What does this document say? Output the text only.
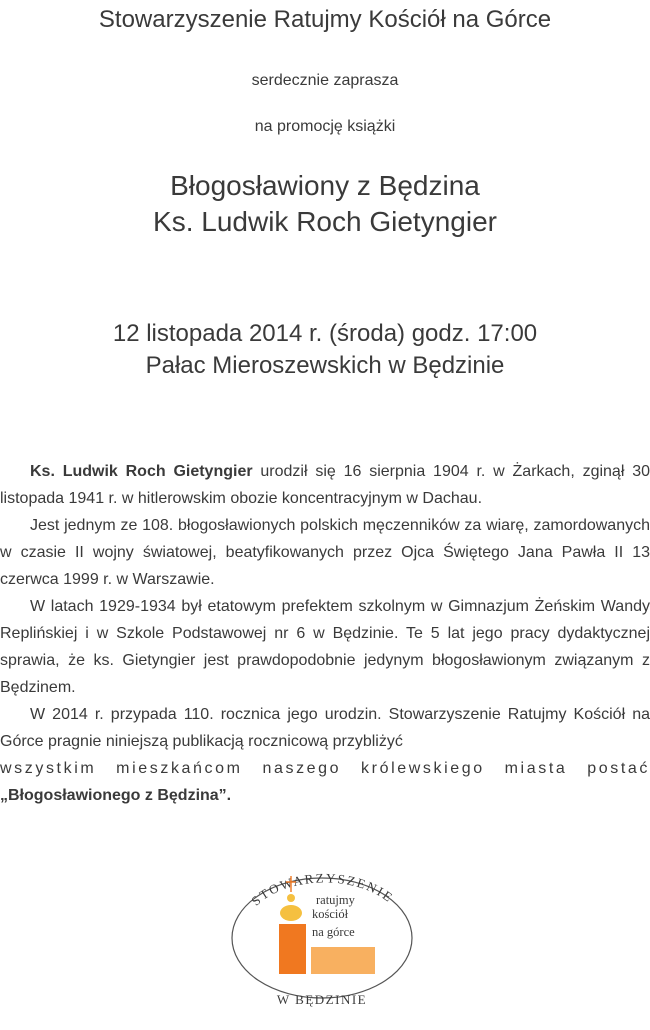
Stowarzyszenie Ratujmy Kościół na Górce
serdecznie zaprasza
na promocję książki
Błogosławiony z Będzina
Ks. Ludwik Roch Gietyngier
12 listopada 2014 r. (środa) godz. 17:00
Pałac Mieroszewskich w Będzinie

Ks. Ludwik Roch Gietyngier urodził się 16 sierpnia 1904 r. w Żarkach, zginął 30 listopada 1941 r. w hitlerowskim obozie koncentracyjnym w Dachau.

Jest jednym ze 108. błogosławionych polskich męczenników za wiarę, zamordowanych w czasie II wojny światowej, beatyfikowanych przez Ojca Świętego Jana Pawła II 13 czerwca 1999 r. w Warszawie.

W latach 1929-1934 był etatowym prefektem szkolnym w Gimnazjum Żeńskim Wandy Replińskiej i w Szkole Podstawowej nr 6 w Będzinie. Te 5 lat jego pracy dydaktycznej sprawia, że ks. Gietyngier jest prawdopodobnie jedynym błogosławionym związanym z Będzinem.

W 2014 r. przypada 110. rocznica jego urodzin. Stowarzyszenie Ratujmy Kościół na Górce pragnie niniejszą publikacją rocznicową przybliżyć

wszystkim mieszkańcom naszego królewskiego miasta postać

„Błogosławionego z Będzina”.

STOWARZYSZENIE
W BĘDZINIE
ratujmy
kościół
na górce
